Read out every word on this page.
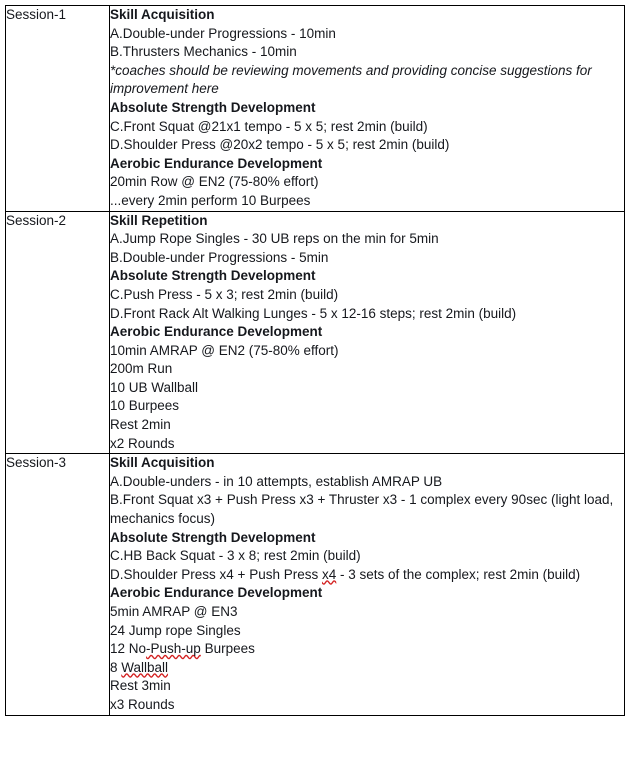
Session-1	Skill Acquisition
A.Double-under Progressions - 10min
B.Thrusters Mechanics - 10min
*coaches should be reviewing movements and providing concise suggestions for improvement here
Absolute Strength Development
C.Front Squat @21x1 tempo - 5 x 5; rest 2min (build)
D.Shoulder Press @20x2 tempo - 5 x 5; rest 2min (build)
Aerobic Endurance Development
20min Row @ EN2 (75-80% effort)
...every 2min perform 10 Burpees

Session-2	Skill Repetition
A.Jump Rope Singles - 30 UB reps on the min for 5min
B.Double-under Progressions - 5min
Absolute Strength Development
C.Push Press - 5 x 3; rest 2min (build)
D.Front Rack Alt Walking Lunges - 5 x 12-16 steps; rest 2min (build)
Aerobic Endurance Development
10min AMRAP @ EN2 (75-80% effort)
200m Run
10 UB Wallball
10 Burpees
Rest 2min
x2 Rounds

Session-3	Skill Acquisition
A.Double-unders - in 10 attempts, establish AMRAP UB
B.Front Squat x3 + Push Press x3 + Thruster x3 - 1 complex every 90sec (light load, mechanics focus)
Absolute Strength Development
C.HB Back Squat - 3 x 8; rest 2min (build)
D.Shoulder Press x4 + Push Press x4 - 3 sets of the complex; rest 2min (build)
Aerobic Endurance Development
5min AMRAP @ EN3
24 Jump rope Singles
12 No-Push-up Burpees
8 Wallball
Rest 3min
x3 Rounds
